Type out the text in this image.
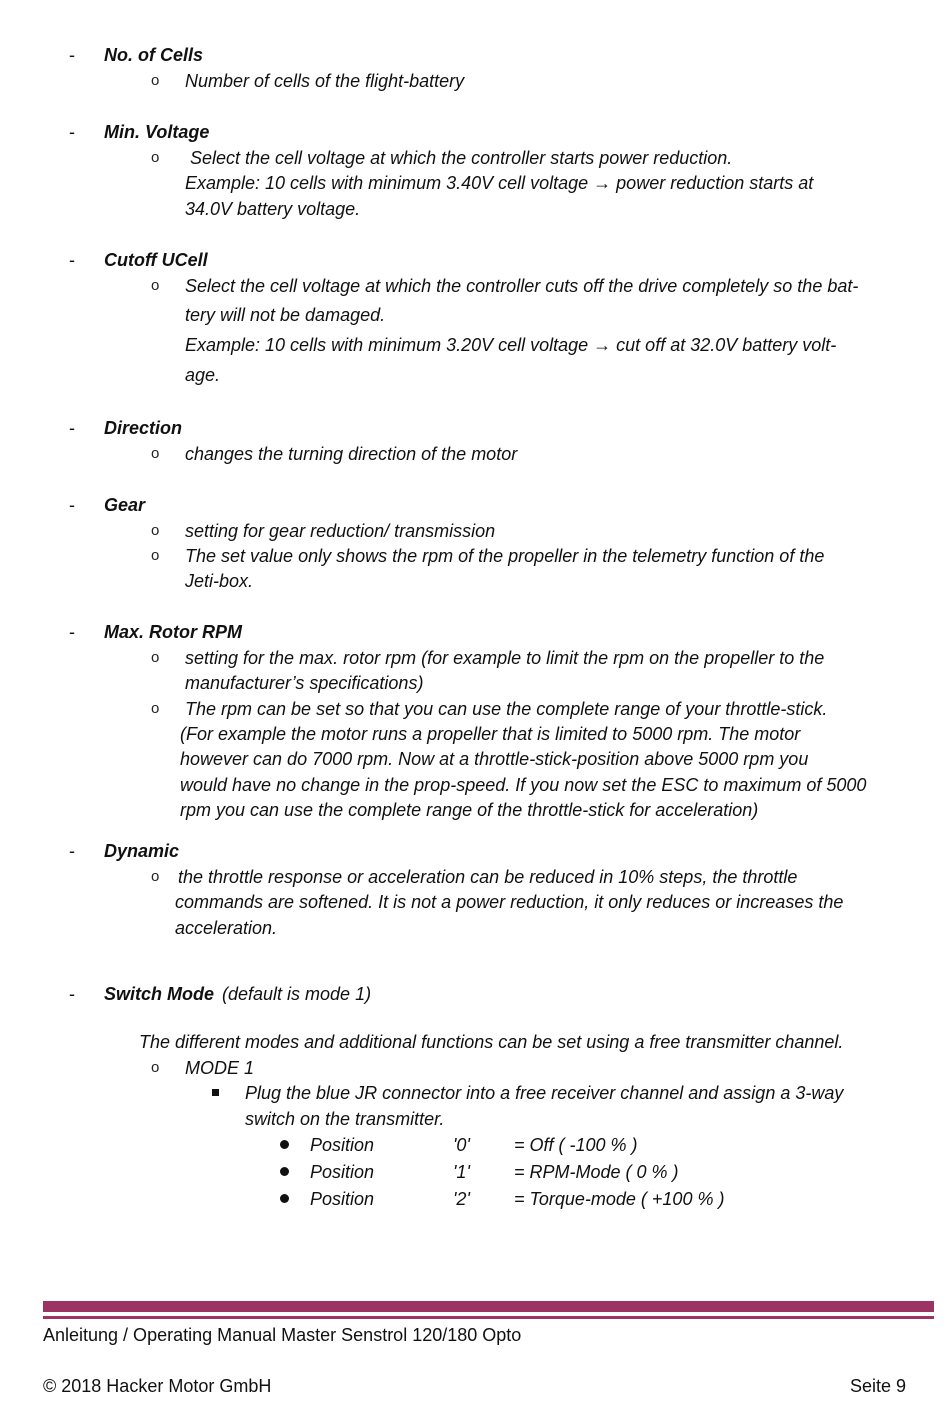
- No. of Cells
o Number of cells of the flight-battery
- Min. Voltage
o Select the cell voltage at which the controller starts power reduction.
Example: 10 cells with minimum 3.40V cell voltage → power reduction starts at
34.0V battery voltage.
- Cutoff UCell
o Select the cell voltage at which the controller cuts off the drive completely so the bat-
tery will not be damaged.
Example: 10 cells with minimum 3.20V cell voltage → cut off at 32.0V battery volt-
age.
- Direction
o changes the turning direction of the motor
- Gear
o setting for gear reduction/ transmission
o The set value only shows the rpm of the propeller in the telemetry function of the
Jeti-box.
- Max. Rotor RPM
o setting for the max. rotor rpm (for example to limit the rpm on the propeller to the
manufacturer’s specifications)
o The rpm can be set so that you can use the complete range of your throttle-stick.
(For example the motor runs a propeller that is limited to 5000 rpm. The motor
however can do 7000 rpm. Now at a throttle-stick-position above 5000 rpm you
would have no change in the prop-speed. If you now set the ESC to maximum of 5000
rpm you can use the complete range of the throttle-stick for acceleration)
- Dynamic
o the throttle response or acceleration can be reduced in 10% steps, the throttle
commands are softened. It is not a power reduction, it only reduces or increases the
acceleration.
- Switch Mode (default is mode 1)
The different modes and additional functions can be set using a free transmitter channel.
o MODE 1
Plug the blue JR connector into a free receiver channel and assign a 3-way
switch on the transmitter.
Position	'0' = Off ( -100 % )
Position	'1' = RPM-Mode ( 0 % )
Position	'2' = Torque-mode ( +100 % )
Anleitung / Operating Manual Master Senstrol 120/180 Opto
© 2018 Hacker Motor GmbH	Seite 9
